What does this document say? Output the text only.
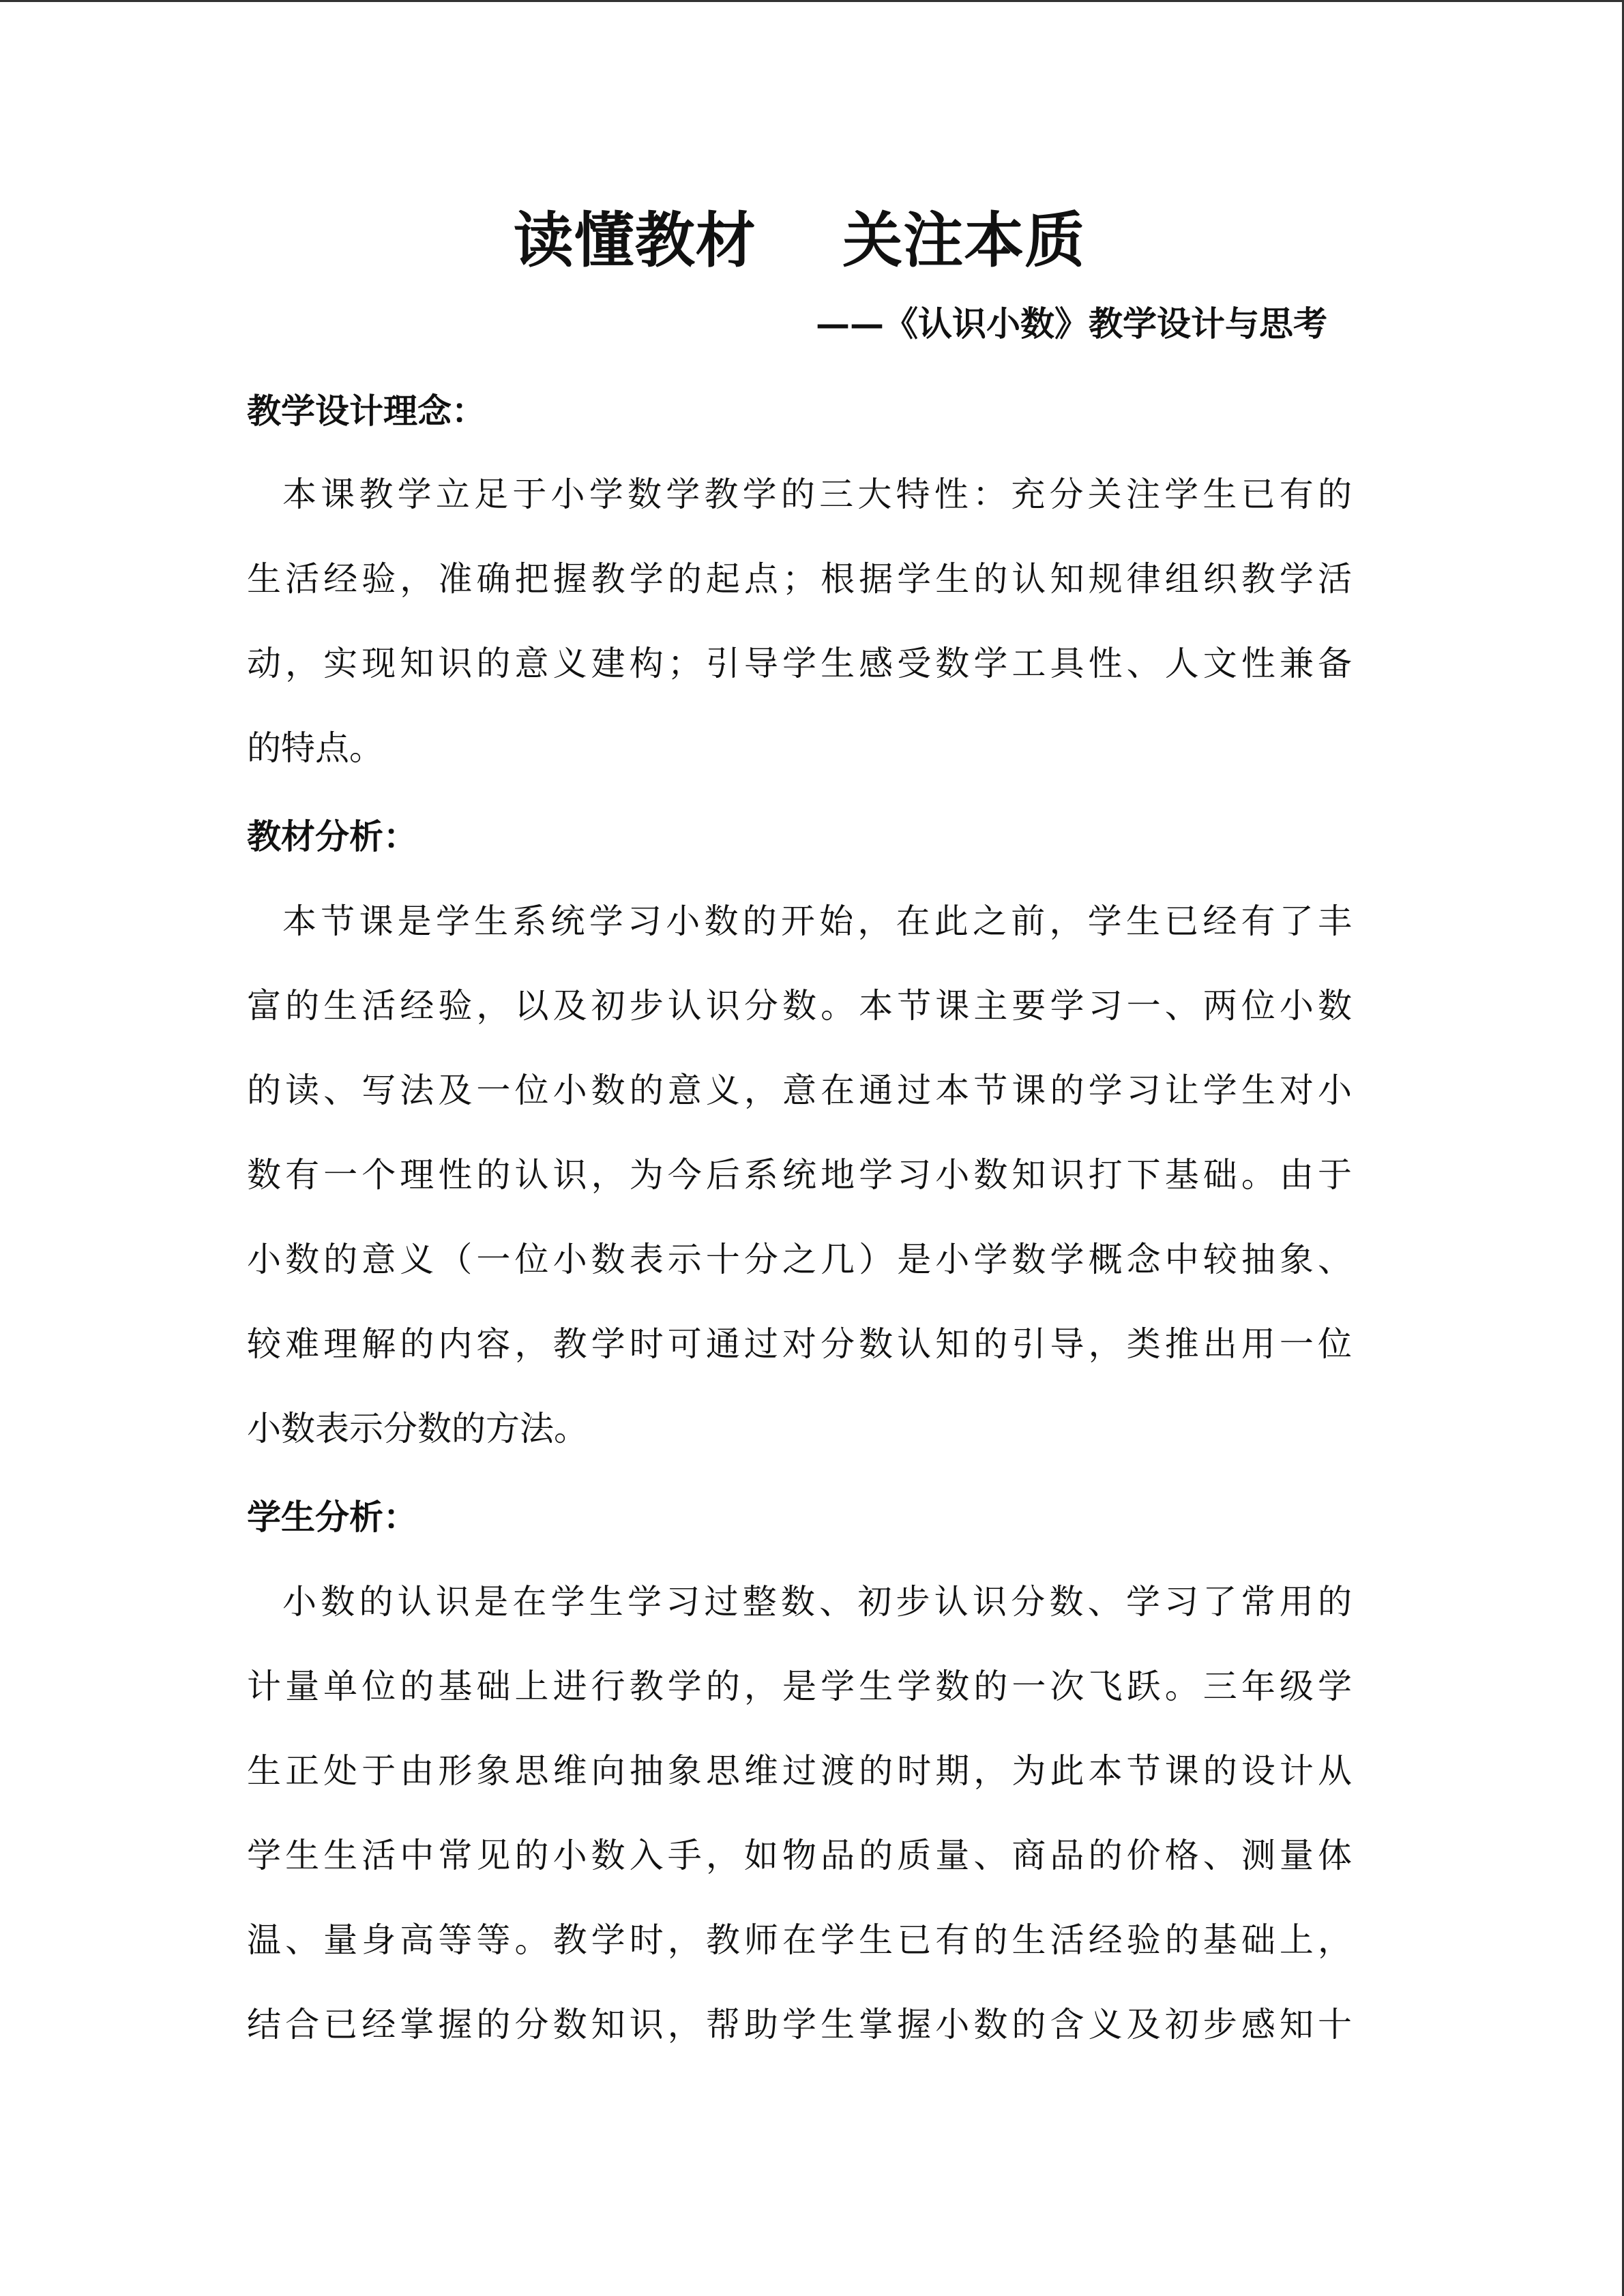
读懂教材    关注本质
——《认识小数》教学设计与思考
教学设计理念：
本课教学立足于小学数学教学的三大特性：充分关注学生已有的
生活经验，准确把握教学的起点；根据学生的认知规律组织教学活
动，实现知识的意义建构；引导学生感受数学工具性、人文性兼备
的特点。
教材分析：
本节课是学生系统学习小数的开始，在此之前，学生已经有了丰
富的生活经验，以及初步认识分数。本节课主要学习一、两位小数
的读、写法及一位小数的意义，意在通过本节课的学习让学生对小
数有一个理性的认识，为今后系统地学习小数知识打下基础。由于
小数的意义（一位小数表示十分之几）是小学数学概念中较抽象、
较难理解的内容，教学时可通过对分数认知的引导，类推出用一位
小数表示分数的方法。
学生分析：
小数的认识是在学生学习过整数、初步认识分数、学习了常用的
计量单位的基础上进行教学的，是学生学数的一次飞跃。三年级学
生正处于由形象思维向抽象思维过渡的时期，为此本节课的设计从
学生生活中常见的小数入手，如物品的质量、商品的价格、测量体
温、量身高等等。教学时，教师在学生已有的生活经验的基础上，
结合已经掌握的分数知识，帮助学生掌握小数的含义及初步感知十
